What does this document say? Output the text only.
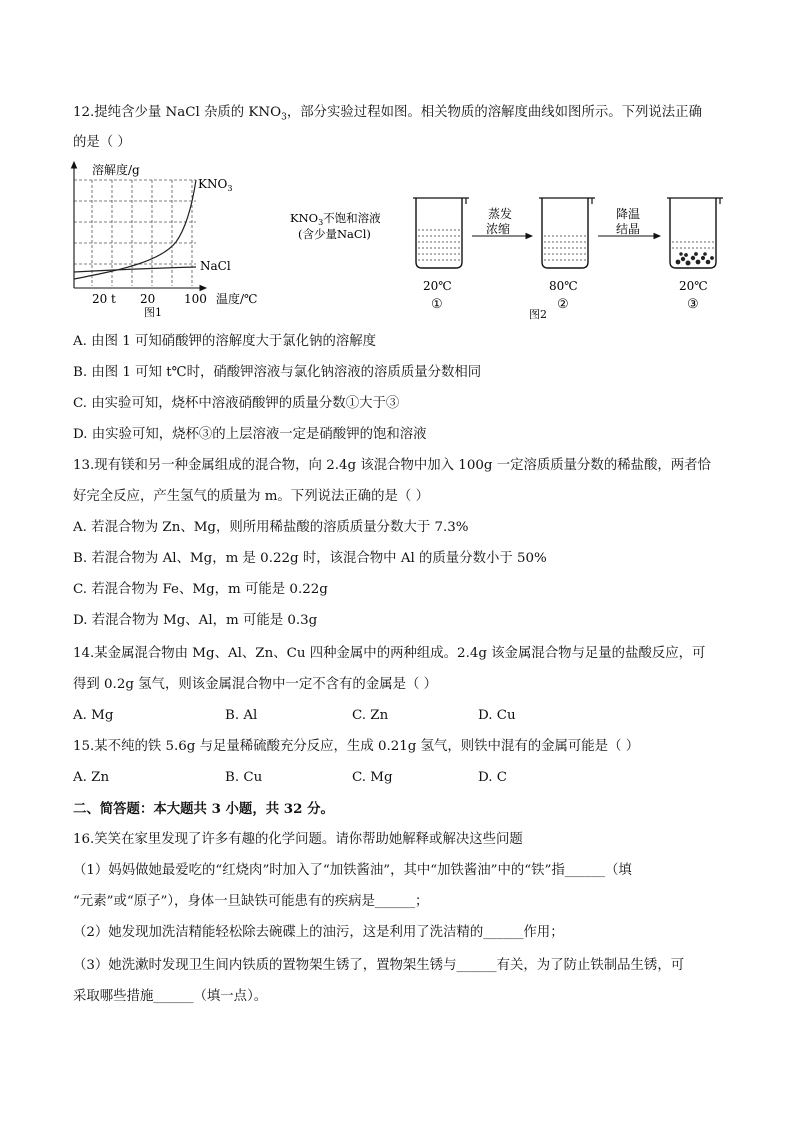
12.提纯含少量 NaCl 杂质的 $KNO_3$，部分实验过程如图。相关物质的溶解度曲线如图所示。下列说法正确
的是（ ）
溶解度/g
$KNO_3$
NaCl
20 t 20 100 温度/℃
图1
$KNO_3$不饱和溶液
(含少量NaCl)
蒸发
浓缩
降温
结晶
20℃
①
80℃
②
20℃
③
图2
A. 由图 1 可知硝酸钾的溶解度大于氯化钠的溶解度
B. 由图 1 可知 t℃时，硝酸钾溶液与氯化钠溶液的溶质质量分数相同
C. 由实验可知，烧杯中溶液硝酸钾的质量分数①大于③
D. 由实验可知，烧杯③的上层溶液一定是硝酸钾的饱和溶液
13.现有镁和另一种金属组成的混合物，向 2.4g 该混合物中加入 100g 一定溶质质量分数的稀盐酸，两者恰
好完全反应，产生氢气的质量为 m。下列说法正确的是（ ）
A. 若混合物为 Zn、Mg，则所用稀盐酸的溶质质量分数大于 7.3%
B. 若混合物为 Al、Mg，m 是 0.22g 时，该混合物中 Al 的质量分数小于 50%
C. 若混合物为 Fe、Mg，m 可能是 0.22g
D. 若混合物为 Mg、Al，m 可能是 0.3g
14.某金属混合物由 Mg、Al、Zn、Cu 四种金属中的两种组成。2.4g 该金属混合物与足量的盐酸反应，可
得到 0.2g 氢气，则该金属混合物中一定不含有的金属是（ ）
A. Mg	B. Al	C. Zn	D. Cu
15.某不纯的铁 5.6g 与足量稀硫酸充分反应，生成 0.21g 氢气，则铁中混有的金属可能是（ ）
A. Zn	B. Cu	C. Mg	D. C
二、简答题：本大题共 3 小题，共 32 分。
16.笑笑在家里发现了许多有趣的化学问题。请你帮助她解释或解决这些问题
（1）妈妈做她最爱吃的“红烧肉”时加入了“加铁酱油”，其中“加铁酱油”中的“铁”指______（填
“元素”或“原子”），身体一旦缺铁可能患有的疾病是______；
（2）她发现加洗洁精能轻松除去碗碟上的油污，这是利用了洗洁精的______作用；
（3）她洗漱时发现卫生间内铁质的置物架生锈了，置物架生锈与______有关，为了防止铁制品生锈，可
采取哪些措施______（填一点）。
